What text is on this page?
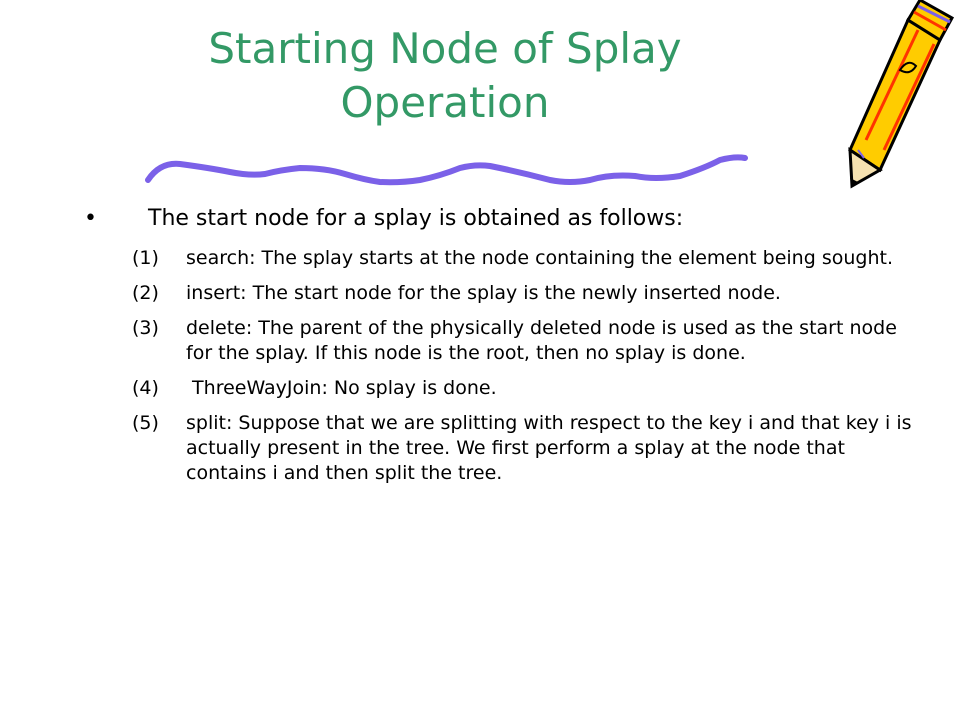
Starting Node of Splay
Operation
•	The start node for a splay is obtained as follows:
(1)	search: The splay starts at the node containing the element being sought.
(2)	insert: The start node for the splay is the newly inserted node.
(3)	delete: The parent of the physically deleted node is used as the start node for the splay. If this node is the root, then no splay is done.
(4)	ThreeWayJoin: No splay is done.
(5)	split: Suppose that we are splitting with respect to the key i and that key i is actually present in the tree. We first perform a splay at the node that contains i and then split the tree.
